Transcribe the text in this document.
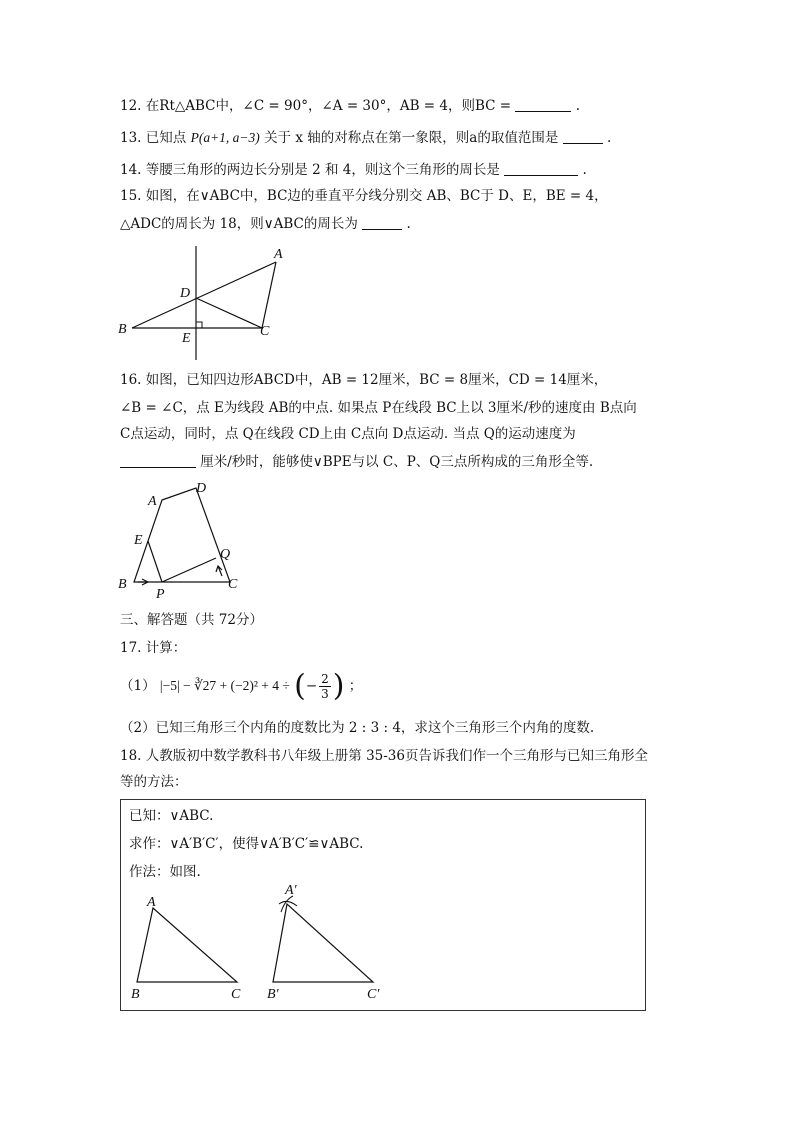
12. 在Rt△ABC中，∠C = 90°，∠A = 30°，AB = 4，则BC =	.
13. 已知点 P(a+1, a−3) 关于 x 轴的对称点在第一象限，则a的取值范围是	.
14. 等腰三角形的两边长分别是 2 和 4，则这个三角形的周长是	.
15. 如图，在∨ABC中，BC边的垂直平分线分别交 AB、BC于 D、E，BE = 4，
△ADC的周长为 18，则∨ABC的周长为	.
A
B	C
D
E
16. 如图，已知四边形ABCD中，AB = 12厘米，BC = 8厘米，CD = 14厘米，
∠B = ∠C，点 E为线段 AB的中点. 如果点 P在线段 BC上以 3厘米/秒的速度由 B点向
C点运动，同时，点 Q在线段 CD上由 C点向 D点运动. 当点 Q的运动速度为
厘米/秒时，能够使∨BPE与以 C、P、Q三点所构成的三角形全等.
A
D
E
Q
B
P
C
三、解答题（共 72分）
17. 计算：
（1） |−5| − ∛27 + (−2)² + 4 ÷ (− $\frac{2}{3}$ ) ；
（2）已知三角形三个内角的度数比为 2 : 3 : 4，求这个三角形三个内角的度数.
18. 人教版初中数学教科书八年级上册第 35-36页告诉我们作一个三角形与已知三角形全
等的方法：
已知：∨ABC.
求作：∨A′B′C′，使得∨A′B′C′≌∨ABC.
作法：如图.
A
B	C
A′
B′	C′
